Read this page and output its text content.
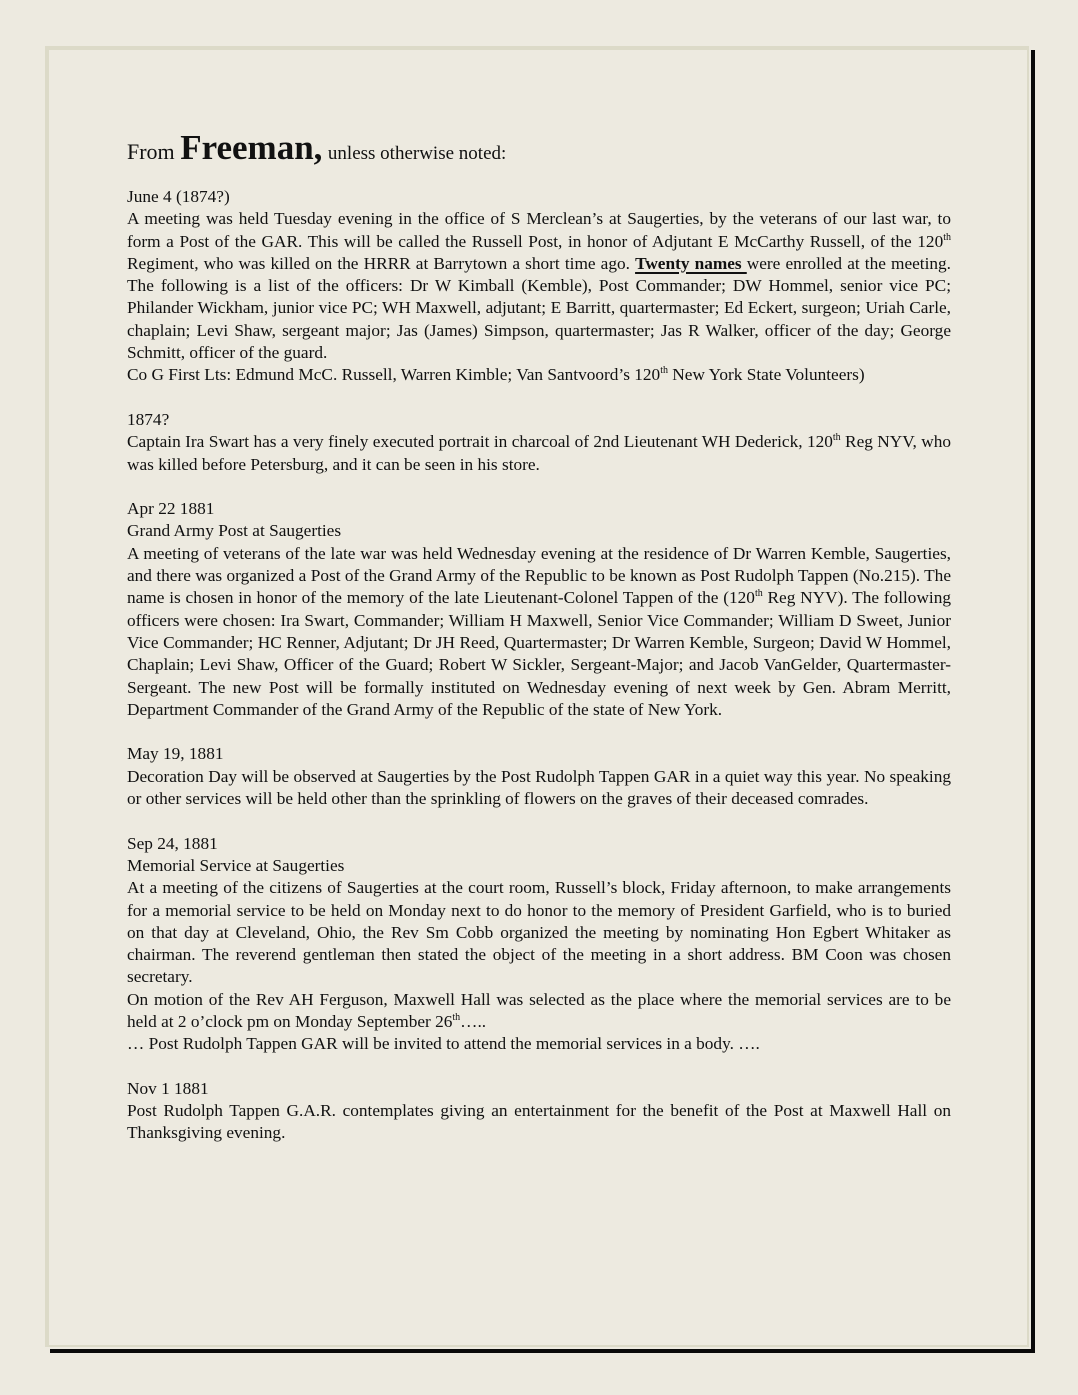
From Freeman, unless otherwise noted:
June 4 (1874?)
A meeting was held Tuesday evening in the office of S Merclean’s at Saugerties, by the veterans of our last war, to form a Post of the GAR. This will be called the Russell Post, in honor of Adjutant E McCarthy Russell, of the 120th Regiment, who was killed on the HRRR at Barrytown a short time ago. Twenty names were enrolled at the meeting. The following is a list of the officers: Dr W Kimball (Kemble), Post Commander; DW Hommel, senior vice PC; Philander Wickham, junior vice PC; WH Maxwell, adjutant; E Barritt, quartermaster; Ed Eckert, surgeon; Uriah Carle, chaplain; Levi Shaw, sergeant major; Jas (James) Simpson, quartermaster; Jas R Walker, officer of the day; George Schmitt, officer of the guard.
Co G First Lts: Edmund McC. Russell, Warren Kimble; Van Santvoord’s 120th New York State Volunteers)
1874?
Captain Ira Swart has a very finely executed portrait in charcoal of 2nd Lieutenant WH Dederick, 120th Reg NYV, who was killed before Petersburg, and it can be seen in his store.
Apr 22 1881
Grand Army Post at Saugerties
A meeting of veterans of the late war was held Wednesday evening at the residence of Dr Warren Kemble, Saugerties, and there was organized a Post of the Grand Army of the Republic to be known as Post Rudolph Tappen (No.215). The name is chosen in honor of the memory of the late Lieutenant-Colonel Tappen of the (120th Reg NYV). The following officers were chosen: Ira Swart, Commander; William H Maxwell, Senior Vice Commander; William D Sweet, Junior Vice Commander; HC Renner, Adjutant; Dr JH Reed, Quartermaster; Dr Warren Kemble, Surgeon; David W Hommel, Chaplain; Levi Shaw, Officer of the Guard; Robert W Sickler, Sergeant-Major; and Jacob VanGelder, Quartermaster-Sergeant. The new Post will be formally instituted on Wednesday evening of next week by Gen. Abram Merritt, Department Commander of the Grand Army of the Republic of the state of New York.
May 19, 1881
Decoration Day will be observed at Saugerties by the Post Rudolph Tappen GAR in a quiet way this year. No speaking or other services will be held other than the sprinkling of flowers on the graves of their deceased comrades.
Sep 24, 1881
Memorial Service at Saugerties
At a meeting of the citizens of Saugerties at the court room, Russell’s block, Friday afternoon, to make arrangements for a memorial service to be held on Monday next to do honor to the memory of President Garfield, who is to buried on that day at Cleveland, Ohio, the Rev Sm Cobb organized the meeting by nominating Hon Egbert Whitaker as chairman. The reverend gentleman then stated the object of the meeting in a short address. BM Coon was chosen secretary.
On motion of the Rev AH Ferguson, Maxwell Hall was selected as the place where the memorial services are to be held at 2 o’clock pm on Monday September 26th…..
… Post Rudolph Tappen GAR will be invited to attend the memorial services in a body. ….
Nov 1 1881
Post Rudolph Tappen G.A.R. contemplates giving an entertainment for the benefit of the Post at Maxwell Hall on Thanksgiving evening.
